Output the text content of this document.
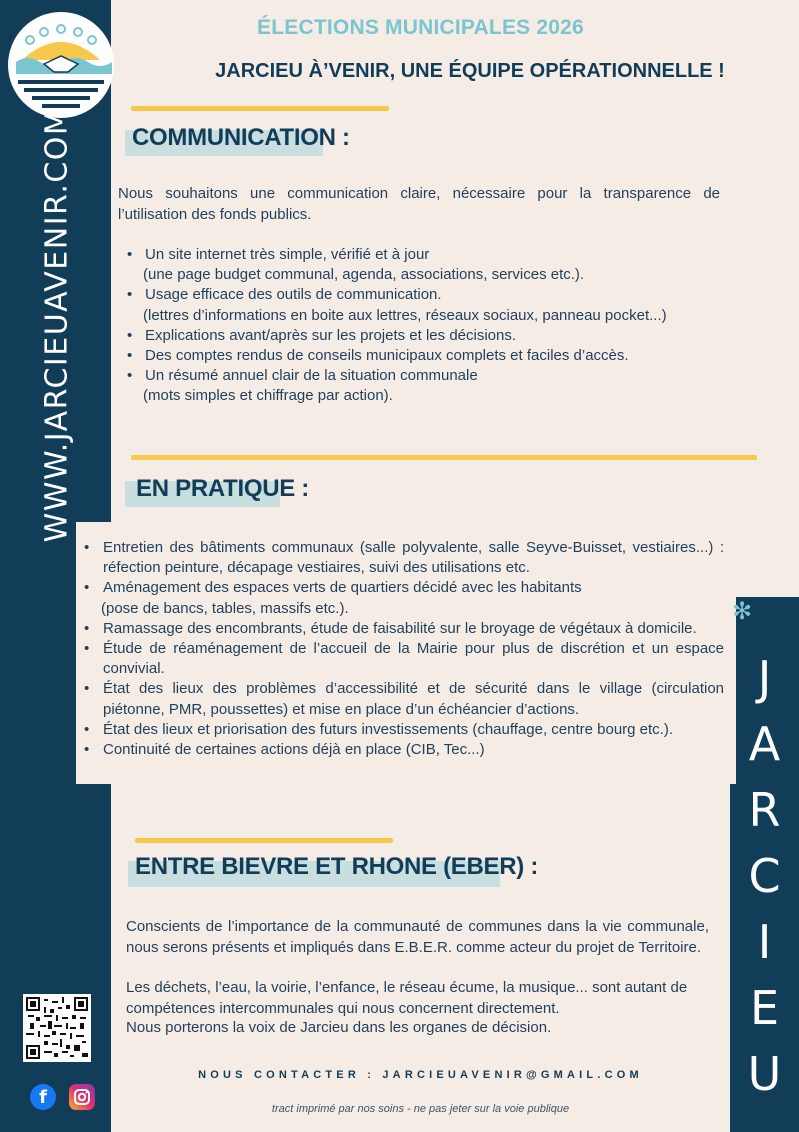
WWW.JARCIEUAVENIR.COM
f
✻
J
A
R
C
I
E
U
ÉLECTIONS MUNICIPALES 2026
JARCIEU À’VENIR, UNE ÉQUIPE OPÉRATIONNELLE !
COMMUNICATION :
Nous souhaitons une communication claire, nécessaire pour la transparence de l’utilisation des fonds publics.
• Un site internet très simple, vérifié et à jour
(une page budget communal, agenda, associations, services etc.).
• Usage efficace des outils de communication.
(lettres d’informations en boite aux lettres, réseaux sociaux, panneau pocket...)
• Explications avant/après sur les projets et les décisions.
• Des comptes rendus de conseils municipaux complets et faciles d’accès.
• Un résumé annuel clair de la situation communale
(mots simples et chiffrage par action).
EN PRATIQUE :
• Entretien des bâtiments communaux (salle polyvalente, salle Seyve-Buisset, vestiaires...) : réfection peinture, décapage vestiaires, suivi des utilisations etc.
• Aménagement des espaces verts de quartiers décidé avec les habitants
(pose de bancs, tables, massifs etc.).
• Ramassage des encombrants, étude de faisabilité sur le broyage de végétaux à domicile.
• Étude de réaménagement de l’accueil de la Mairie pour plus de discrétion et un espace convivial.
• État des lieux des problèmes d’accessibilité et de sécurité dans le village (circulation piétonne, PMR, poussettes) et mise en place d’un échéancier d’actions.
• État des lieux et priorisation des futurs investissements (chauffage, centre bourg etc.).
• Continuité de certaines actions déjà en place (CIB, Tec...)
ENTRE BIEVRE ET RHONE (EBER) :
Conscients de l’importance de la communauté de communes dans la vie communale, nous serons présents et impliqués dans E.B.E.R. comme acteur du projet de Territoire.
Les déchets, l’eau, la voirie, l’enfance, le réseau écume, la musique... sont autant de compétences intercommunales qui nous concernent directement.
Nous porterons la voix de Jarcieu dans les organes de décision.
NOUS CONTACTER : JARCIEUAVENIR@GMAIL.COM
tract imprimé par nos soins - ne pas jeter sur la voie publique
